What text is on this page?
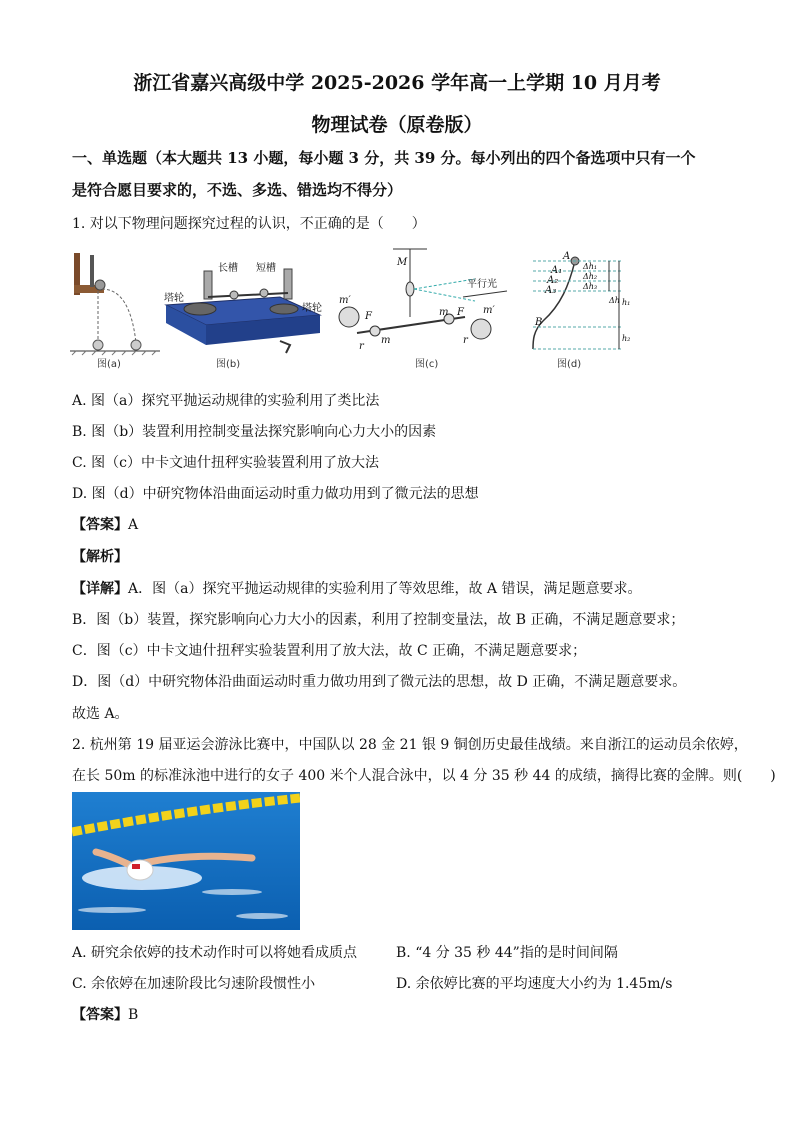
浙江省嘉兴高级中学 2025-2026 学年高一上学期 10 月月考
物理试卷（原卷版）
一、单选题（本大题共 13 小题，每小题 3 分，共 39 分。每小列出的四个备选项中只有一个
是符合愿目要求的，不选、多选、错选均不得分）
1. 对以下物理问题探究过程的认识，不正确的是（　　）
图(a)
塔轮
塔轮
长槽 短槽
图(b)
M
平行光
m′
m′
F	F
m
m
r
r
图(c)
A
A₁
A₂
A₃
B
Δh₁
Δh₂
Δh₃
Δh h₁
h₂
图(d)
A. 图（a）探究平抛运动规律的实验利用了类比法
B. 图（b）装置利用控制变量法探究影响向心力大小的因素
C. 图（c）中卡文迪什扭秤实验装置利用了放大法
D. 图（d）中研究物体沿曲面运动时重力做功用到了微元法的思想
【答案】A
【解析】
【详解】A．图（a）探究平抛运动规律的实验利用了等效思维，故 A 错误，满足题意要求。
B．图（b）装置，探究影响向心力大小的因素，利用了控制变量法，故 B 正确，不满足题意要求；
C．图（c）中卡文迪什扭秤实验装置利用了放大法，故 C 正确，不满足题意要求；
D．图（d）中研究物体沿曲面运动时重力做功用到了微元法的思想，故 D 正确，不满足题意要求。
故选 A。
2. 杭州第 19 届亚运会游泳比赛中，中国队以 28 金 21 银 9 铜创历史最佳战绩。来自浙江的运动员余依婷，
在长 50m 的标准泳池中进行的女子 400 米个人混合泳中，以 4 分 35 秒 44 的成绩，摘得比赛的金牌。则(　　)
A. 研究余依婷的技术动作时可以将她看成质点	B. “4 分 35 秒 44”指的是时间间隔
C. 余依婷在加速阶段比匀速阶段惯性小	D. 余依婷比赛的平均速度大小约为 1.45m/s
【答案】B
